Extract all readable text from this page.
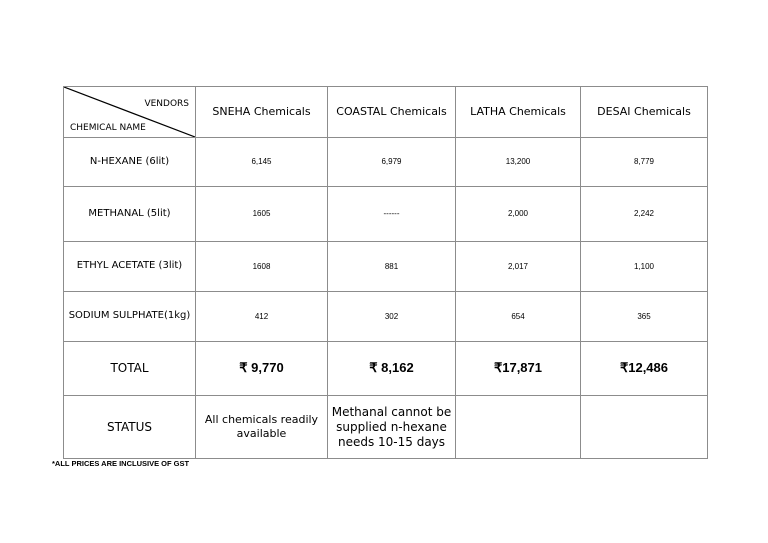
VENDORS
CHEMICAL NAME	SNEHA Chemicals	COASTAL Chemicals	LATHA Chemicals	DESAI Chemicals
N-HEXANE (6lit)	6,145	6,979	13,200	8,779
METHANAL (5lit)	1605	------	2,000	2,242
ETHYL ACETATE (3lit)	1608	881	2,017	1,100
SODIUM SULPHATE(1kg)	412	302	654	365
TOTAL	₹ 9,770	₹ 8,162	₹17,871	₹12,486
STATUS	All chemicals readily available	Methanal cannot be supplied n-hexane needs 10-15 days		
*ALL PRICES ARE INCLUSIVE OF GST
